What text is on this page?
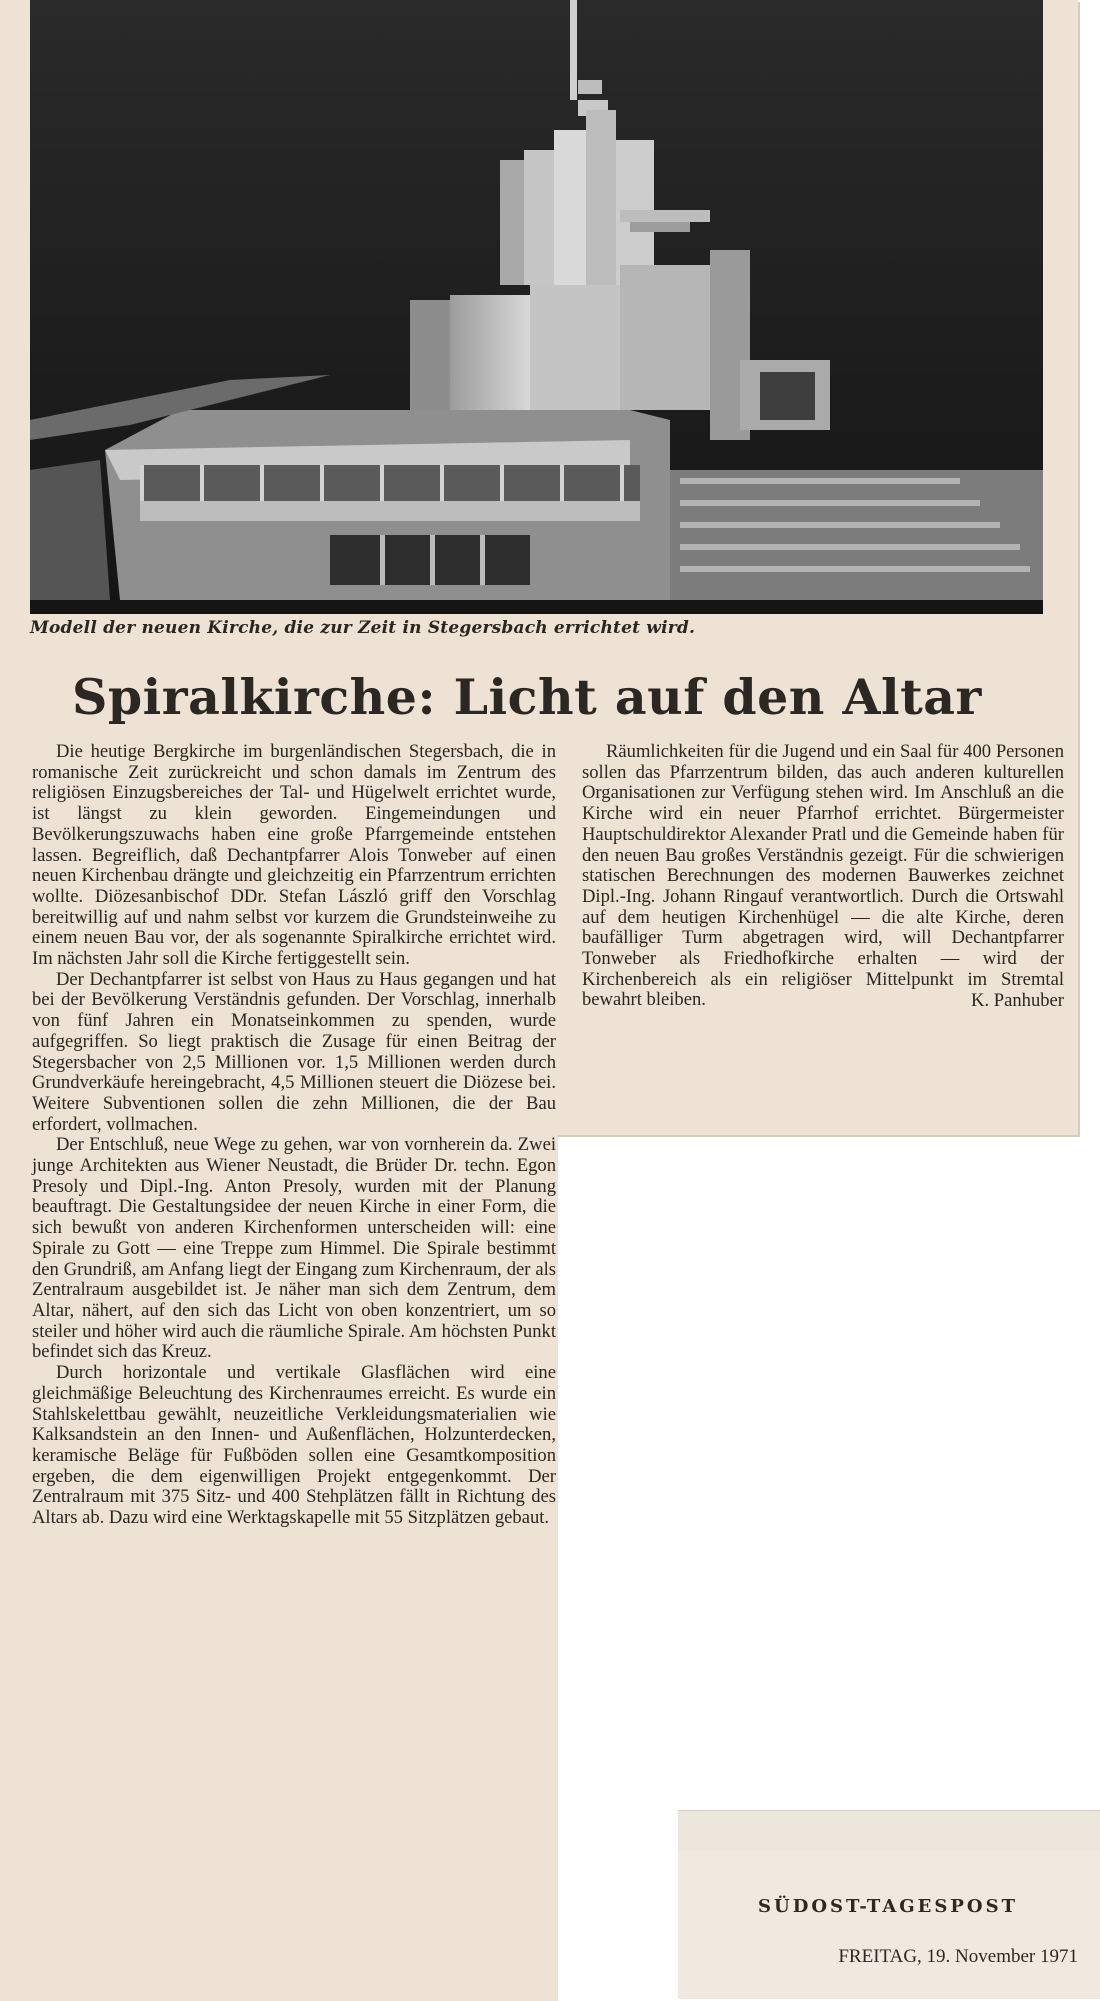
Modell der neuen Kirche, die zur Zeit in Stegersbach errichtet wird.
Spiralkirche: Licht auf den Altar

Die heutige Bergkirche im burgenländischen Stegersbach, die in romanische Zeit zurückreicht und schon damals im Zentrum des religiösen Einzugsbereiches der Tal- und Hügelwelt errichtet wurde, ist längst zu klein geworden. Eingemeindungen und Bevölkerungszuwachs haben eine große Pfarrgemeinde entstehen lassen. Begreiflich, daß Dechantpfarrer Alois Tonweber auf einen neuen Kirchenbau drängte und gleichzeitig ein Pfarrzentrum errichten wollte. Diözesanbischof DDr. Stefan László griff den Vorschlag bereitwillig auf und nahm selbst vor kurzem die Grundsteinweihe zu einem neuen Bau vor, der als sogenannte Spiralkirche errichtet wird. Im nächsten Jahr soll die Kirche fertiggestellt sein.

Der Dechantpfarrer ist selbst von Haus zu Haus gegangen und hat bei der Bevölkerung Verständnis gefunden. Der Vorschlag, innerhalb von fünf Jahren ein Monatseinkommen zu spenden, wurde aufgegriffen. So liegt praktisch die Zusage für einen Beitrag der Stegersbacher von 2,5 Millionen vor. 1,5 Millionen werden durch Grundverkäufe hereingebracht, 4,5 Millionen steuert die Diözese bei. Weitere Subventionen sollen die zehn Millionen, die der Bau erfordert, vollmachen.

Der Entschluß, neue Wege zu gehen, war von vornherein da. Zwei junge Architekten aus Wiener Neustadt, die Brüder Dr. techn. Egon Presoly und Dipl.-Ing. Anton Presoly, wurden mit der Planung beauftragt. Die Gestaltungsidee der neuen Kirche in einer Form, die sich bewußt von anderen Kirchenformen unterscheiden will: eine Spirale zu Gott — eine Treppe zum Himmel. Die Spirale bestimmt den Grundriß, am Anfang liegt der Eingang zum Kirchenraum, der als Zentralraum ausgebildet ist. Je näher man sich dem Zentrum, dem Altar, nähert, auf den sich das Licht von oben konzentriert, um so steiler und höher wird auch die räumliche Spirale. Am höchsten Punkt befindet sich das Kreuz.

Durch horizontale und vertikale Glasflächen wird eine gleichmäßige Beleuchtung des Kirchenraumes erreicht. Es wurde ein Stahlskelettbau gewählt, neuzeitliche Verkleidungsmaterialien wie Kalksandstein an den Innen- und Außenflächen, Holzunterdecken, keramische Beläge für Fußböden sollen eine Gesamtkomposition ergeben, die dem eigenwilligen Projekt entgegenkommt. Der Zentralraum mit 375 Sitz- und 400 Stehplätzen fällt in Richtung des Altars ab. Dazu wird eine Werktagskapelle mit 55 Sitzplätzen gebaut.

Räumlichkeiten für die Jugend und ein Saal für 400 Personen sollen das Pfarrzentrum bilden, das auch anderen kulturellen Organisationen zur Verfügung stehen wird. Im Anschluß an die Kirche wird ein neuer Pfarrhof errichtet. Bürgermeister Hauptschuldirektor Alexander Pratl und die Gemeinde haben für den neuen Bau großes Verständnis gezeigt. Für die schwierigen statischen Berechnungen des modernen Bauwerkes zeichnet Dipl.-Ing. Johann Ringauf verantwortlich. Durch die Ortswahl auf dem heutigen Kirchenhügel — die alte Kirche, deren baufälliger Turm abgetragen wird, will Dechantpfarrer Tonweber als Friedhofkirche erhalten — wird der Kirchenbereich als ein religiöser Mittelpunkt im Stremtal bewahrt bleiben.	K. Panhuber
SÜDOST-TAGESPOST
FREITAG, 19. November 1971
